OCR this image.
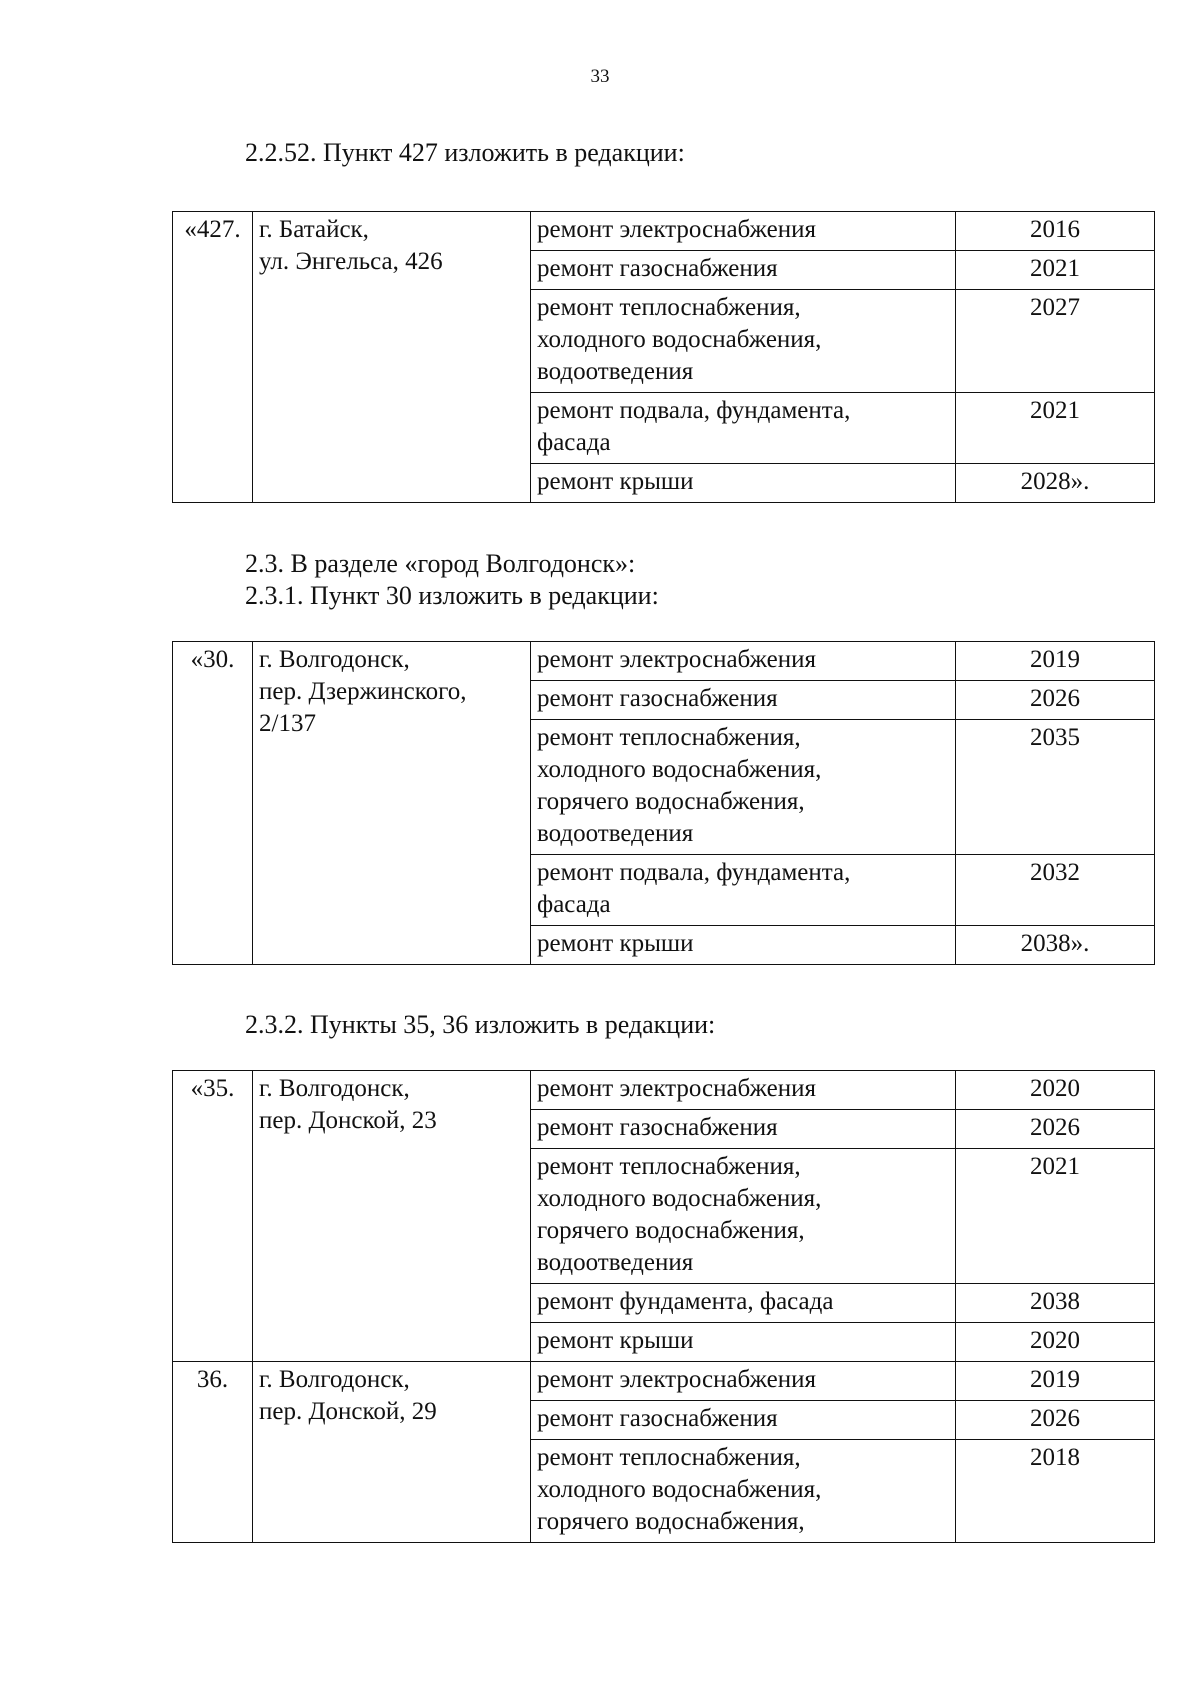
33
2.2.52. Пункт 427 изложить в редакции:
«427.	г. Батайск,
ул. Энгельса, 426	ремонт электроснабжения	2016
		ремонт газоснабжения	2021
		ремонт теплоснабжения,
холодного водоснабжения,
водоотведения	2027
		ремонт подвала, фундамента,
фасада	2021
		ремонт крыши	2028».
2.3. В разделе «город Волгодонск»:
2.3.1. Пункт 30 изложить в редакции:
«30.	г. Волгодонск,
пер. Дзержинского,
2/137	ремонт электроснабжения	2019
		ремонт газоснабжения	2026
		ремонт теплоснабжения,
холодного водоснабжения,
горячего водоснабжения,
водоотведения	2035
		ремонт подвала, фундамента,
фасада	2032
		ремонт крыши	2038».
2.3.2. Пункты 35, 36 изложить в редакции:
«35.	г. Волгодонск,
пер. Донской, 23	ремонт электроснабжения	2020
		ремонт газоснабжения	2026
		ремонт теплоснабжения,
холодного водоснабжения,
горячего водоснабжения,
водоотведения	2021
		ремонт фундамента, фасада	2038
		ремонт крыши	2020
36.	г. Волгодонск,
пер. Донской, 29	ремонт электроснабжения	2019
		ремонт газоснабжения	2026
		ремонт теплоснабжения,
холодного водоснабжения,
горячего водоснабжения,	2018
